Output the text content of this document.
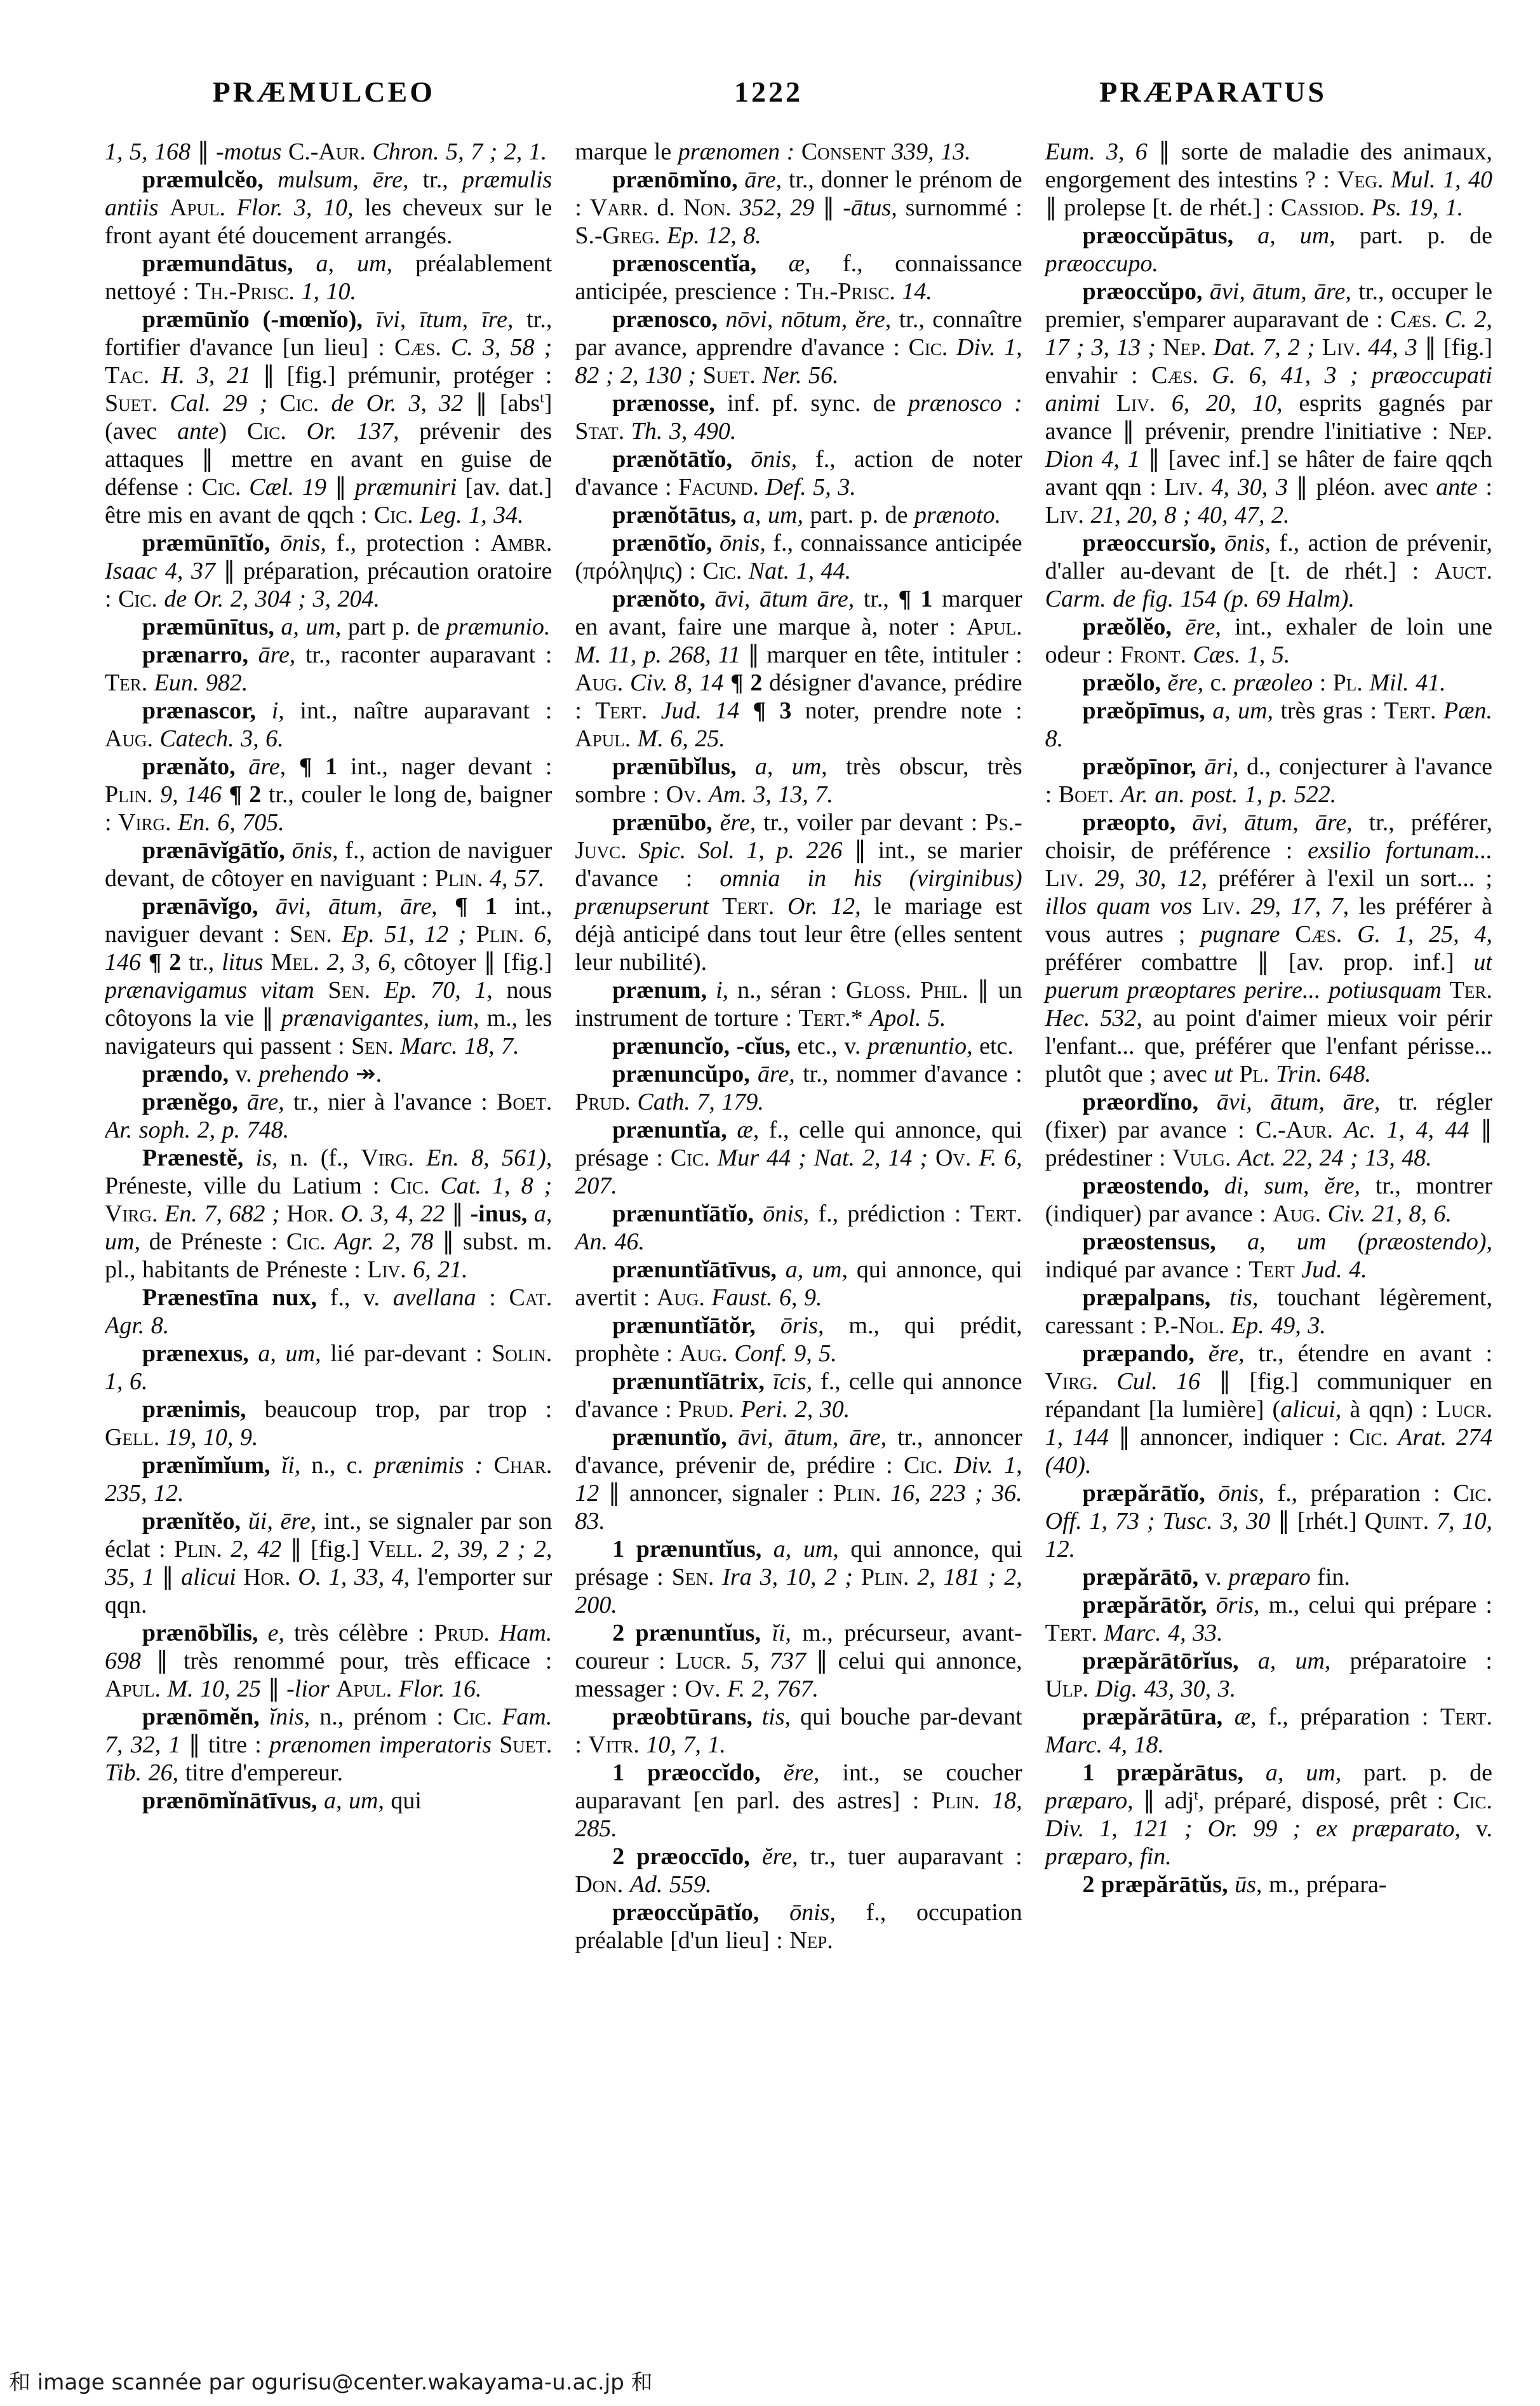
PRÆMULCEO	1222	PRÆPARATUS

1, 5, 168 ∥ -motus C.-Aur. Chron. 5, 7 ; 2, 1.

præmulcĕo, mulsum, ēre, tr., præmulis antiis Apul. Flor. 3, 10, les cheveux sur le front ayant été doucement arrangés.

præmundātus, a, um, préalablement nettoyé : Th.-Prisc. 1, 10.

præmūnĭo (-mœnĭo), īvi, ītum, īre, tr., fortifier d'avance [un lieu] : Cæs. C. 3, 58 ; Tac. H. 3, 21 ∥ [fig.] prémunir, protéger : Suet. Cal. 29 ; Cic. de Or. 3, 32 ∥ [abs$^t$] (avec ante) Cic. Or. 137, prévenir des attaques ∥ mettre en avant en guise de défense : Cic. Cæl. 19 ∥ præmuniri [av. dat.] être mis en avant de qqch : Cic. Leg. 1, 34.

præmūnītĭo, ōnis, f., protection : Ambr. Isaac 4, 37 ∥ préparation, précaution oratoire : Cic. de Or. 2, 304 ; 3, 204.

præmūnītus, a, um, part p. de præmunio.

prænarro, āre, tr., raconter auparavant : Ter. Eun. 982.

prænascor, i, int., naître auparavant : Aug. Catech. 3, 6.

prænăto, āre, ¶ 1 int., nager devant : Plin. 9, 146 ¶ 2 tr., couler le long de, baigner : Virg. En. 6, 705.

prænāvĭgātĭo, ōnis, f., action de naviguer devant, de côtoyer en naviguant : Plin. 4, 57.

prænāvĭgo, āvi, ātum, āre, ¶ 1 int., naviguer devant : Sen. Ep. 51, 12 ; Plin. 6, 146 ¶ 2 tr., litus Mel. 2, 3, 6, côtoyer ∥ [fig.] prænavigamus vitam Sen. Ep. 70, 1, nous côtoyons la vie ∥ prænavigantes, ium, m., les navigateurs qui passent : Sen. Marc. 18, 7.

prændo, v. prehendo ↠.

prænĕgo, āre, tr., nier à l'avance : Boet. Ar. soph. 2, p. 748.

Prænestĕ, is, n. (f., Virg. En. 8, 561), Préneste, ville du Latium : Cic. Cat. 1, 8 ; Virg. En. 7, 682 ; Hor. O. 3, 4, 22 ∥ -inus, a, um, de Préneste : Cic. Agr. 2, 78 ∥ subst. m. pl., habitants de Préneste : Liv. 6, 21.

Prænestīna nux, f., v. avellana : Cat. Agr. 8.

prænexus, a, um, lié par-devant : Solin. 1, 6.

prænimis, beaucoup trop, par trop : Gell. 19, 10, 9.

prænĭmĭum, ĭi, n., c. prænimis : Char. 235, 12.

prænĭtĕo, ŭi, ēre, int., se signaler par son éclat : Plin. 2, 42 ∥ [fig.] Vell. 2, 39, 2 ; 2, 35, 1 ∥ alicui Hor. O. 1, 33, 4, l'emporter sur qqn.

prænōbĭlis, e, très célèbre : Prud. Ham. 698 ∥ très renommé pour, très efficace : Apul. M. 10, 25 ∥ -lior Apul. Flor. 16.

prænōmĕn, ĭnis, n., prénom : Cic. Fam. 7, 32, 1 ∥ titre : prænomen imperatoris Suet. Tib. 26, titre d'empereur.

prænōmĭnātīvus, a, um, qui

marque le prænomen : Consent 339, 13.

prænōmĭno, āre, tr., donner le prénom de : Varr. d. Non. 352, 29 ∥ -ātus, surnommé : S.-Greg. Ep. 12, 8.

prænoscentĭa, æ, f., connaissance anticipée, prescience : Th.-Prisc. 14.

prænosco, nōvi, nōtum, ĕre, tr., connaître par avance, apprendre d'avance : Cic. Div. 1, 82 ; 2, 130 ; Suet. Ner. 56.

prænosse, inf. pf. sync. de prænosco : Stat. Th. 3, 490.

prænŏtātĭo, ōnis, f., action de noter d'avance : Facund. Def. 5, 3.

prænŏtātus, a, um, part. p. de prænoto.

prænōtĭo, ōnis, f., connaissance anticipée (πρόληψις) : Cic. Nat. 1, 44.

prænŏto, āvi, ātum āre, tr., ¶ 1 marquer en avant, faire une marque à, noter : Apul. M. 11, p. 268, 11 ∥ marquer en tête, intituler : Aug. Civ. 8, 14 ¶ 2 désigner d'avance, prédire : Tert. Jud. 14 ¶ 3 noter, prendre note : Apul. M. 6, 25.

prænūbĭlus, a, um, très obscur, très sombre : Ov. Am. 3, 13, 7.

prænūbo, ĕre, tr., voiler par devant : Ps.-Juvc. Spic. Sol. 1, p. 226 ∥ int., se marier d'avance : omnia in his (virginibus) prænupserunt Tert. Or. 12, le mariage est déjà anticipé dans tout leur être (elles sentent leur nubilité).

prænum, i, n., séran : Gloss. Phil. ∥ un instrument de torture : Tert.* Apol. 5.

prænuncĭo, -cĭus, etc., v. prænuntio, etc.

prænuncŭpo, āre, tr., nommer d'avance : Prud. Cath. 7, 179.

prænuntĭa, æ, f., celle qui annonce, qui présage : Cic. Mur 44 ; Nat. 2, 14 ; Ov. F. 6, 207.

prænuntĭātĭo, ōnis, f., prédiction : Tert. An. 46.

prænuntĭātīvus, a, um, qui annonce, qui avertit : Aug. Faust. 6, 9.

prænuntĭātŏr, ōris, m., qui prédit, prophète : Aug. Conf. 9, 5.

prænuntĭātrix, īcis, f., celle qui annonce d'avance : Prud. Peri. 2, 30.

prænuntĭo, āvi, ātum, āre, tr., annoncer d'avance, prévenir de, prédire : Cic. Div. 1, 12 ∥ annoncer, signaler : Plin. 16, 223 ; 36. 83.

1 prænuntĭus, a, um, qui annonce, qui présage : Sen. Ira 3, 10, 2 ; Plin. 2, 181 ; 2, 200.

2 prænuntĭus, ĭi, m., précurseur, avant-coureur : Lucr. 5, 737 ∥ celui qui annonce, messager : Ov. F. 2, 767.

præobtūrans, tis, qui bouche par-devant : Vitr. 10, 7, 1.

1 præoccĭdo, ĕre, int., se coucher auparavant [en parl. des astres] : Plin. 18, 285.

2 præoccīdo, ĕre, tr., tuer auparavant : Don. Ad. 559.

præoccŭpātĭo, ōnis, f., occupation préalable [d'un lieu] : Nep.

Eum. 3, 6 ∥ sorte de maladie des animaux, engorgement des intestins ? : Veg. Mul. 1, 40 ∥ prolepse [t. de rhét.] : Cassiod. Ps. 19, 1.

præoccŭpātus, a, um, part. p. de præoccupo.

præoccŭpo, āvi, ātum, āre, tr., occuper le premier, s'emparer auparavant de : Cæs. C. 2, 17 ; 3, 13 ; Nep. Dat. 7, 2 ; Liv. 44, 3 ∥ [fig.] envahir : Cæs. G. 6, 41, 3 ; præoccupati animi Liv. 6, 20, 10, esprits gagnés par avance ∥ prévenir, prendre l'initiative : Nep. Dion 4, 1 ∥ [avec inf.] se hâter de faire qqch avant qqn : Liv. 4, 30, 3 ∥ pléon. avec ante : Liv. 21, 20, 8 ; 40, 47, 2.

præoccursĭo, ōnis, f., action de prévenir, d'aller au-devant de [t. de rhét.] : Auct. Carm. de fig. 154 (p. 69 Halm).

præŏlĕo, ēre, int., exhaler de loin une odeur : Front. Cæs. 1, 5.

præŏlo, ĕre, c. præoleo : Pl. Mil. 41.

præŏpīmus, a, um, très gras : Tert. Pæn. 8.

præŏpīnor, āri, d., conjecturer à l'avance : Boet. Ar. an. post. 1, p. 522.

præopto, āvi, ātum, āre, tr., préférer, choisir, de préférence : exsilio fortunam... Liv. 29, 30, 12, préférer à l'exil un sort... ; illos quam vos Liv. 29, 17, 7, les préférer à vous autres ; pugnare Cæs. G. 1, 25, 4, préférer combattre ∥ [av. prop. inf.] ut puerum præoptares perire... potiusquam Ter. Hec. 532, au point d'aimer mieux voir périr l'enfant... que, préférer que l'enfant périsse... plutôt que ; avec ut Pl. Trin. 648.

præordĭno, āvi, ātum, āre, tr. régler (fixer) par avance : C.-Aur. Ac. 1, 4, 44 ∥ prédestiner : Vulg. Act. 22, 24 ; 13, 48.

præostendo, di, sum, ĕre, tr., montrer (indiquer) par avance : Aug. Civ. 21, 8, 6.

præostensus, a, um (præostendo), indiqué par avance : Tert Jud. 4.

præpalpans, tis, touchant légèrement, caressant : P.-Nol. Ep. 49, 3.

præpando, ĕre, tr., étendre en avant : Virg. Cul. 16 ∥ [fig.] communiquer en répandant [la lumière] (alicui, à qqn) : Lucr. 1, 144 ∥ annoncer, indiquer : Cic. Arat. 274 (40).

præpărātĭo, ōnis, f., préparation : Cic. Off. 1, 73 ; Tusc. 3, 30 ∥ [rhét.] Quint. 7, 10, 12.

præpărātō, v. præparo fin.

præpărātŏr, ōris, m., celui qui prépare : Tert. Marc. 4, 33.

præpărātōrĭus, a, um, préparatoire : Ulp. Dig. 43, 30, 3.

præpărātūra, æ, f., préparation : Tert. Marc. 4, 18.

1 præpărātus, a, um, part. p. de præparo, ∥ adj$^t$, préparé, disposé, prêt : Cic. Div. 1, 121 ; Or. 99 ; ex præparato, v. præparo, fin.

2 præpărātŭs, ūs, m., prépara-

和 image scannée par ogurisu@center.wakayama-u.ac.jp 和
